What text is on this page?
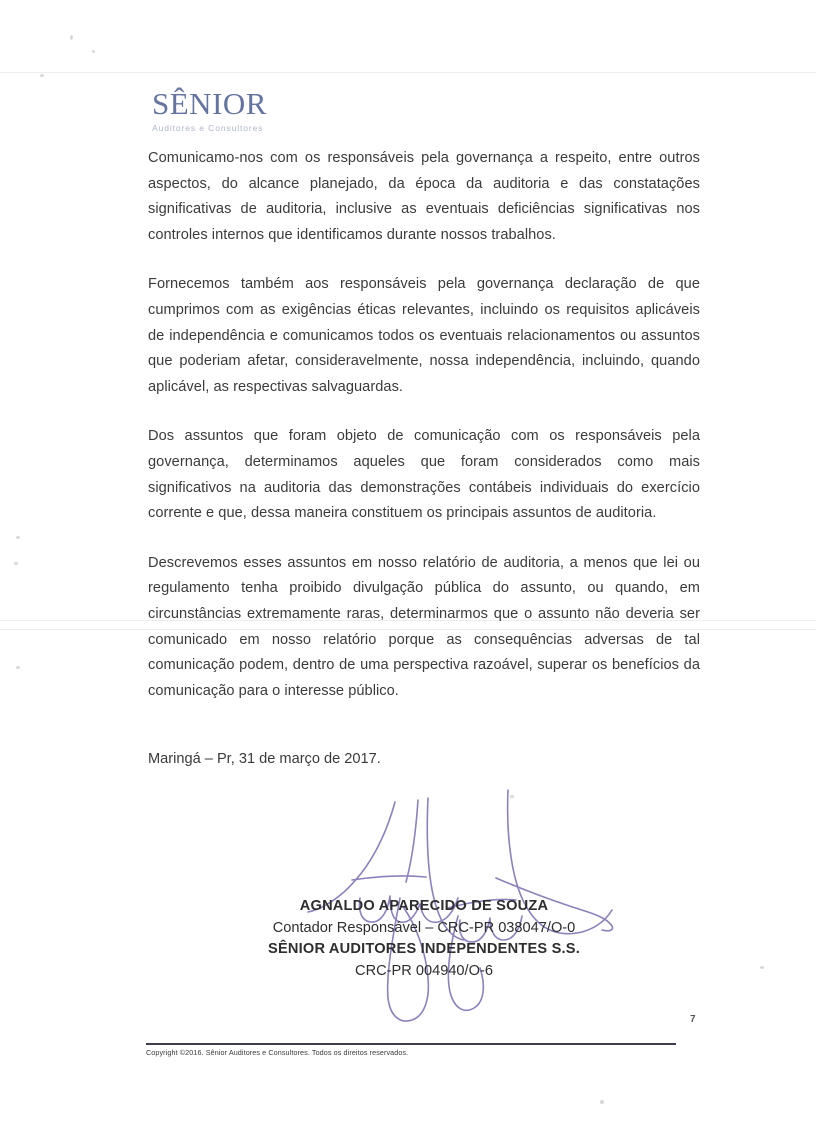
SÊNIOR
Auditores e Consultores

Comunicamo-nos com os responsáveis pela governança a respeito, entre outros aspectos, do alcance planejado, da época da auditoria e das constatações significativas de auditoria, inclusive as eventuais deficiências significativas nos controles internos que identificamos durante nossos trabalhos.

Fornecemos também aos responsáveis pela governança declaração de que cumprimos com as exigências éticas relevantes, incluindo os requisitos aplicáveis de independência e comunicamos todos os eventuais relacionamentos ou assuntos que poderiam afetar, consideravelmente, nossa independência, incluindo, quando aplicável, as respectivas salvaguardas.

Dos assuntos que foram objeto de comunicação com os responsáveis pela governança, determinamos aqueles que foram considerados como mais significativos na auditoria das demonstrações contábeis individuais do exercício corrente e que, dessa maneira constituem os principais assuntos de auditoria.

Descrevemos esses assuntos em nosso relatório de auditoria, a menos que lei ou regulamento tenha proibido divulgação pública do assunto, ou quando, em circunstâncias extremamente raras, determinarmos que o assunto não deveria ser comunicado em nosso relatório porque as consequências adversas de tal comunicação podem, dentro de uma perspectiva razoável, superar os benefícios da comunicação para o interesse público.

Maringá – Pr, 31 de março de 2017.
AGNALDO APARECIDO DE SOUZA
Contador Responsável – CRC-PR 038047/O-0
SÊNIOR AUDITORES INDEPENDENTES S.S.
CRC-PR 004940/O-6
7
Copyright ©2016. Sênior Auditores e Consultores. Todos os direitos reservados.
